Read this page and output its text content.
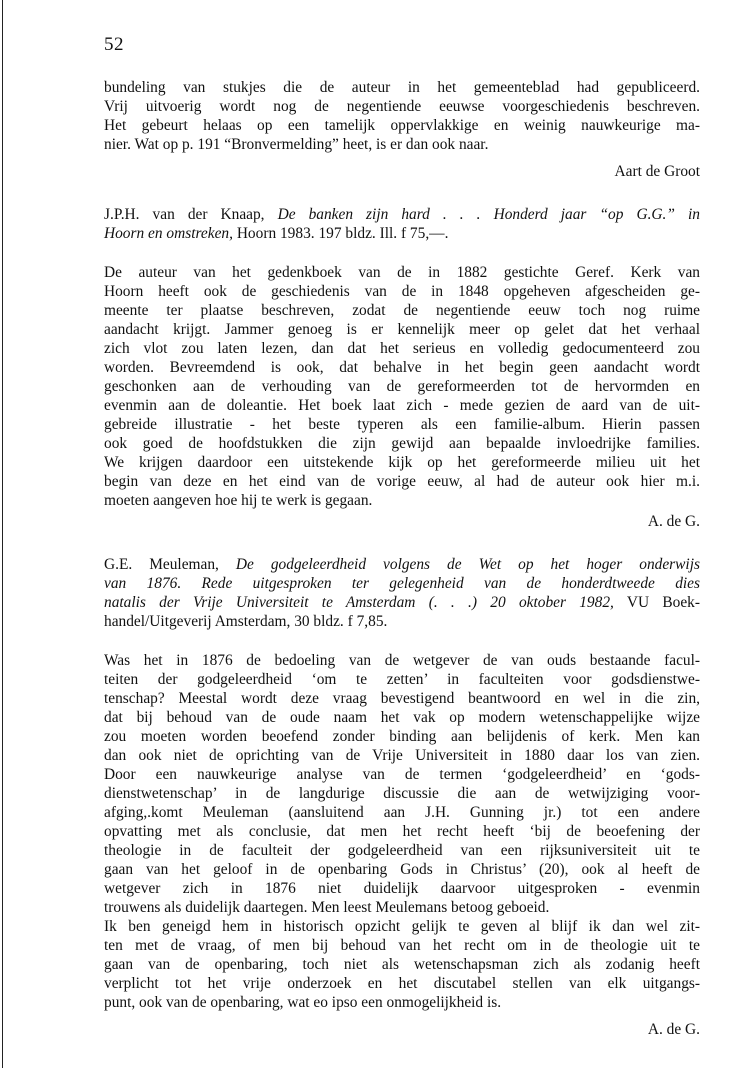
52
bundeling van stukjes die de auteur in het gemeenteblad had gepubliceerd.
Vrij uitvoerig wordt nog de negentiende eeuwse voorgeschiedenis beschreven.
Het gebeurt helaas op een tamelijk oppervlakkige en weinig nauwkeurige ma-
nier. Wat op p. 191 “Bronvermelding” heet, is er dan ook naar.
Aart de Groot
J.P.H. van der Knaap, De banken zijn hard . . . Honderd jaar “op G.G.” in
Hoorn en omstreken, Hoorn 1983. 197 bldz. Ill. f 75,—.
De auteur van het gedenkboek van de in 1882 gestichte Geref. Kerk van
Hoorn heeft ook de geschiedenis van de in 1848 opgeheven afgescheiden ge-
meente ter plaatse beschreven, zodat de negentiende eeuw toch nog ruime
aandacht krijgt. Jammer genoeg is er kennelijk meer op gelet dat het verhaal
zich vlot zou laten lezen, dan dat het serieus en volledig gedocumenteerd zou
worden. Bevreemdend is ook, dat behalve in het begin geen aandacht wordt
geschonken aan de verhouding van de gereformeerden tot de hervormden en
evenmin aan de doleantie. Het boek laat zich - mede gezien de aard van de uit-
gebreide illustratie - het beste typeren als een familie-album. Hierin passen
ook goed de hoofdstukken die zijn gewijd aan bepaalde invloedrijke families.
We krijgen daardoor een uitstekende kijk op het gereformeerde milieu uit het
begin van deze en het eind van de vorige eeuw, al had de auteur ook hier m.i.
moeten aangeven hoe hij te werk is gegaan.
A. de G.
G.E. Meuleman, De godgeleerdheid volgens de Wet op het hoger onderwijs
van 1876. Rede uitgesproken ter gelegenheid van de honderdtweede dies
natalis der Vrije Universiteit te Amsterdam (. . .) 20 oktober 1982, VU Boek-
handel/Uitgeverij Amsterdam, 30 bldz. f 7,85.
Was het in 1876 de bedoeling van de wetgever de van ouds bestaande facul-
teiten der godgeleerdheid ‘om te zetten’ in faculteiten voor godsdienstwe-
tenschap? Meestal wordt deze vraag bevestigend beantwoord en wel in die zin,
dat bij behoud van de oude naam het vak op modern wetenschappelijke wijze
zou moeten worden beoefend zonder binding aan belijdenis of kerk. Men kan
dan ook niet de oprichting van de Vrije Universiteit in 1880 daar los van zien.
Door een nauwkeurige analyse van de termen ‘godgeleerdheid’ en ‘gods-
dienstwetenschap’ in de langdurige discussie die aan de wetwijziging voor-
afging,.komt Meuleman (aansluitend aan J.H. Gunning jr.) tot een andere
opvatting met als conclusie, dat men het recht heeft ‘bij de beoefening der
theologie in de faculteit der godgeleerdheid van een rijksuniversiteit uit te
gaan van het geloof in de openbaring Gods in Christus’ (20), ook al heeft de
wetgever zich in 1876 niet duidelijk daarvoor uitgesproken - evenmin
trouwens als duidelijk daartegen. Men leest Meulemans betoog geboeid.
Ik ben geneigd hem in historisch opzicht gelijk te geven al blijf ik dan wel zit-
ten met de vraag, of men bij behoud van het recht om in de theologie uit te
gaan van de openbaring, toch niet als wetenschapsman zich als zodanig heeft
verplicht tot het vrije onderzoek en het discutabel stellen van elk uitgangs-
punt, ook van de openbaring, wat eo ipso een onmogelijkheid is.
A. de G.
